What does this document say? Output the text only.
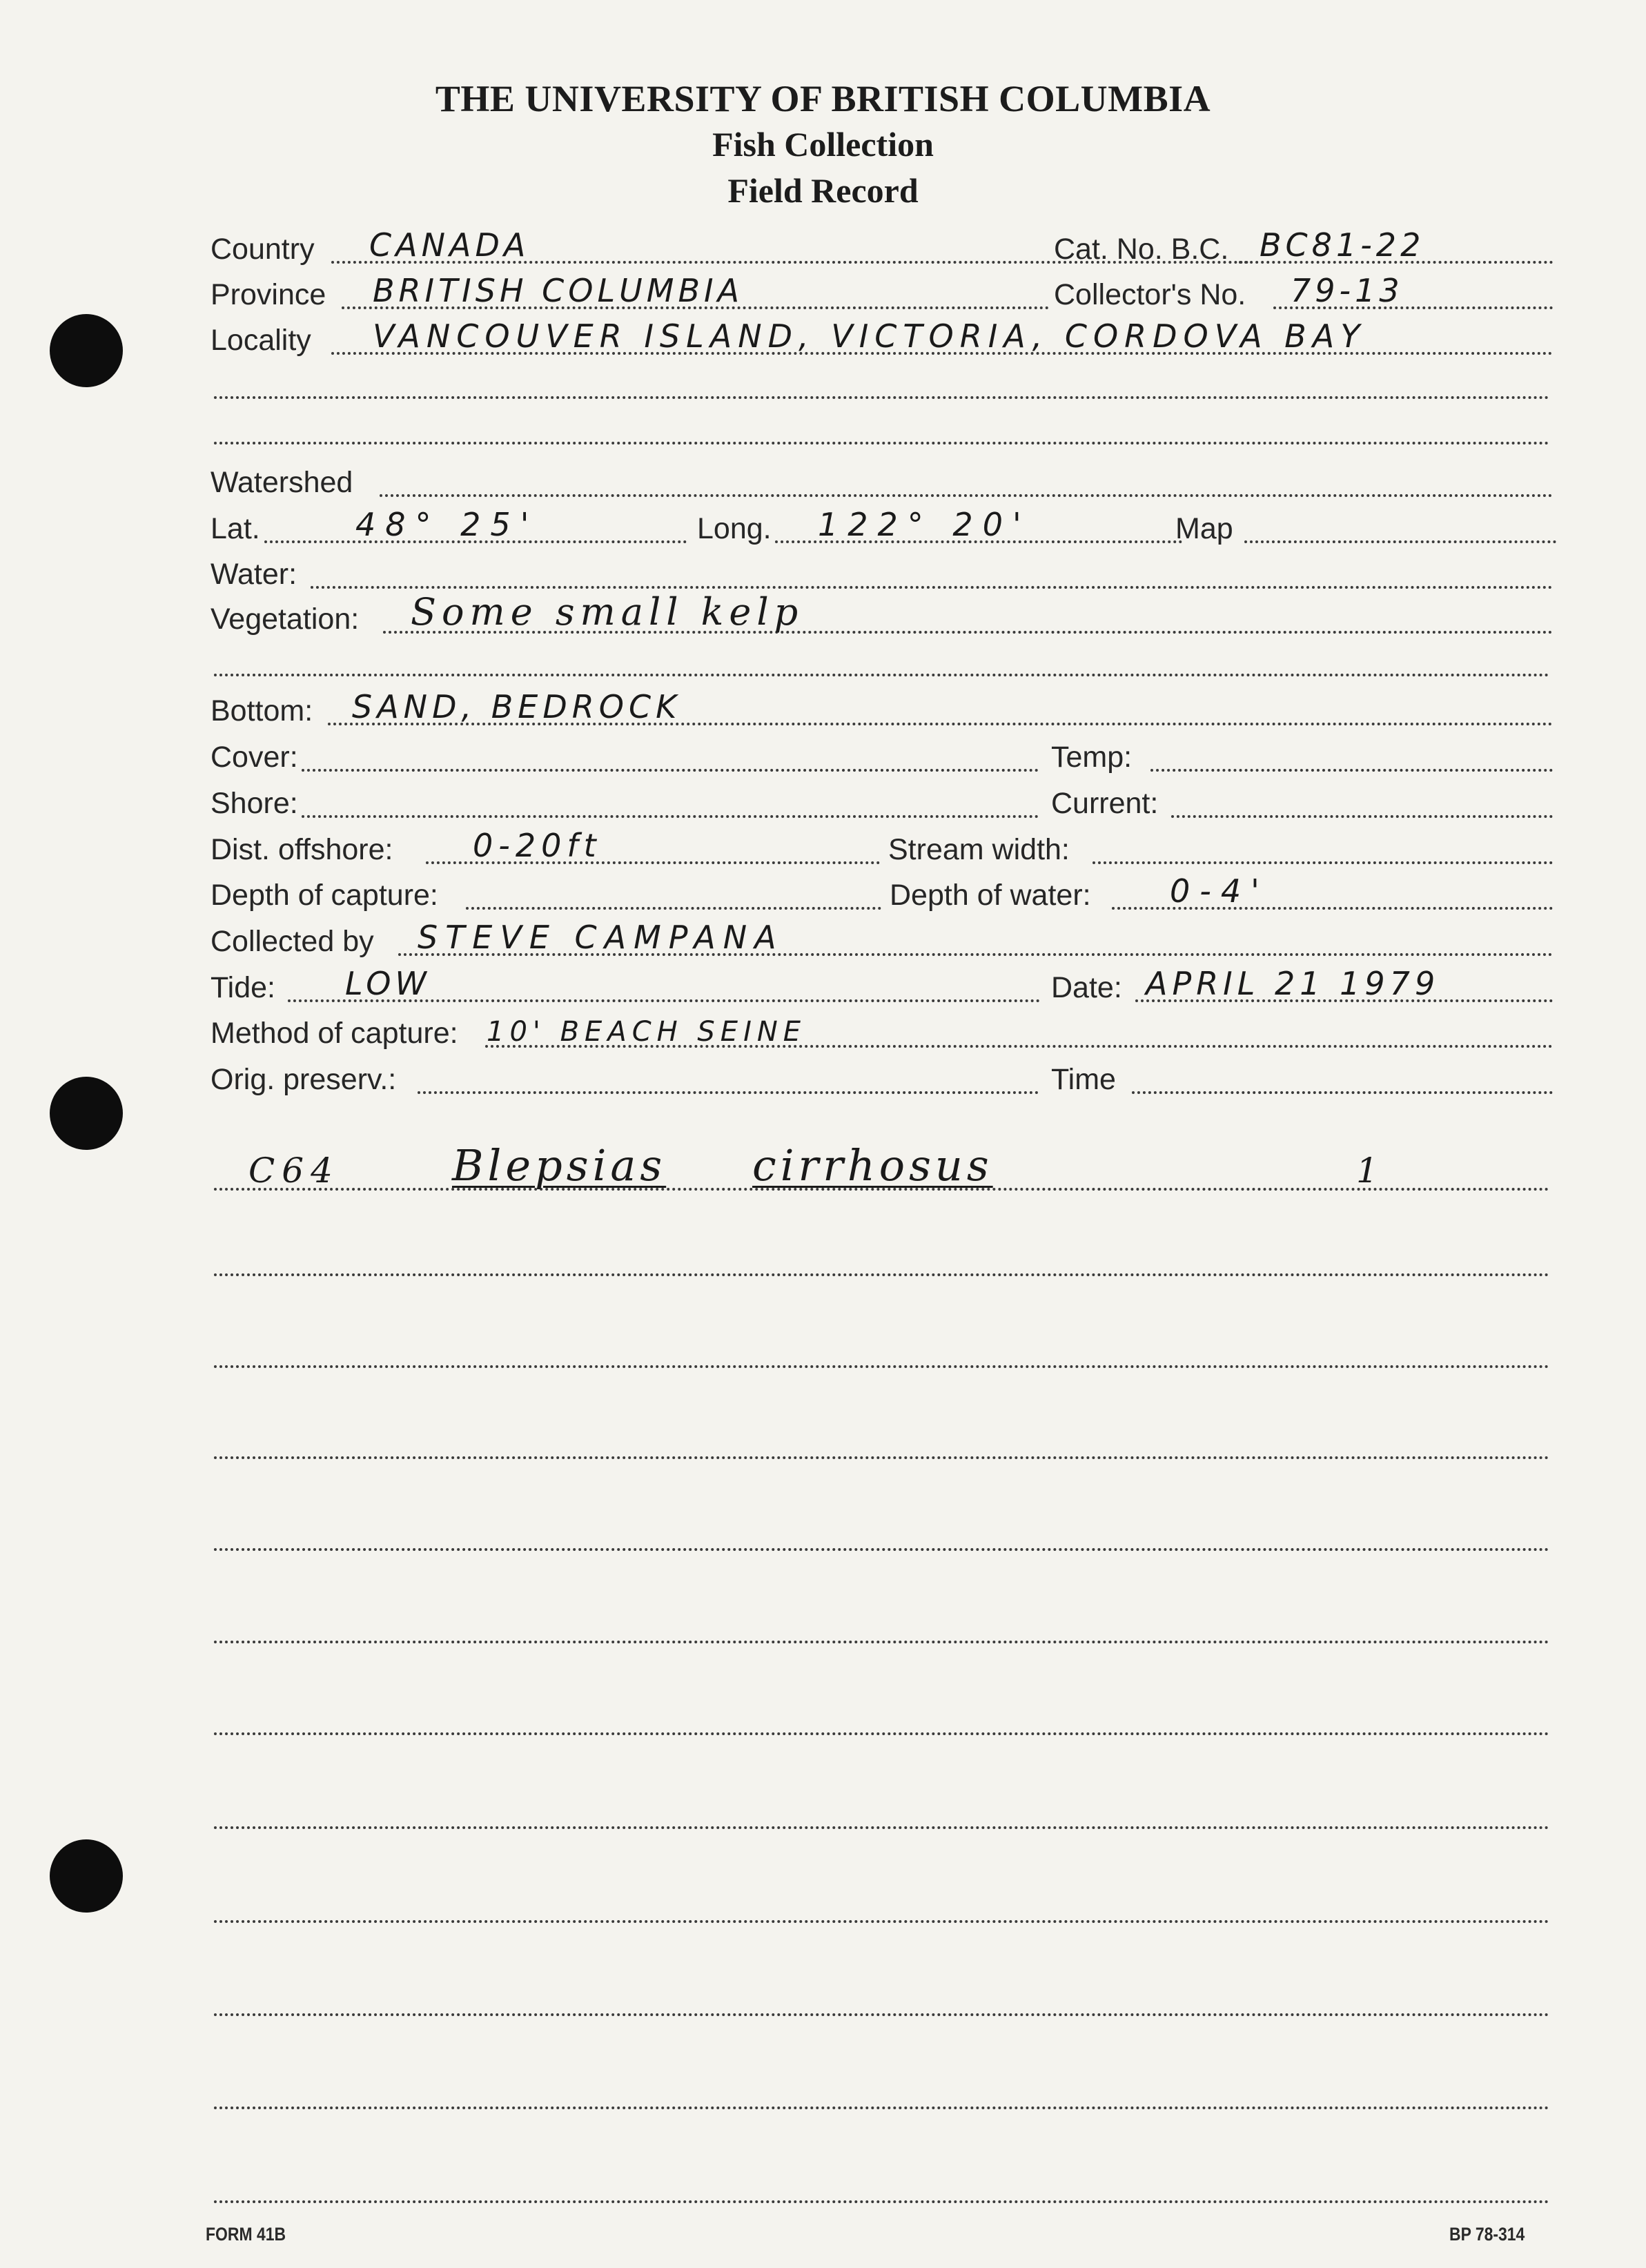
THE UNIVERSITY OF BRITISH COLUMBIA
Fish Collection
Field Record
Country CANADA	Cat. No. B.C. BC81-22
Province BRITISH COLUMBIA	Collector's No. 79-13
Locality VANCOUVER ISLAND, VICTORIA, CORDOVA BAY
Watershed
Lat.	48° 25'	Long. 122° 20'	Map
Water:
Vegetation: Some small kelp
Bottom: SAND, BEDROCK
Cover:	Temp:
Shore:	Current:
Dist. offshore:	0-20ft	Stream width:
Depth of capture:	Depth of water: 0-4'
Collected by STEVE CAMPANA
Tide: LOW	Date: APRIL 21 1979
Method of capture: 10' BEACH SEINE
Orig. preserv.:	Time
C64	Blepsias cirrhosus	1
FORM 41B	BP 78-314
